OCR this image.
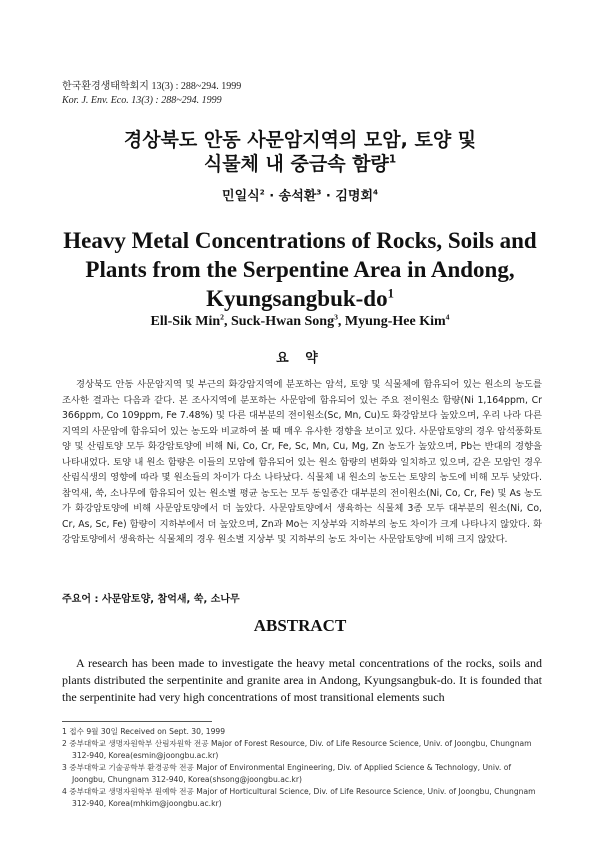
한국환경생태학회지 13(3) : 288~294. 1999
Kor. J. Env. Eco. 13(3) : 288~294. 1999
경상북도 안동 사문암지역의 모암, 토양 및
식물체 내 중금속 함량$^1$
민일식$^2$ · 송석환$^3$ · 김명회$^4$
Heavy Metal Concentrations of Rocks, Soils and
Plants from the Serpentine Area in Andong,
Kyungsangbuk-$do^1$
Ell-Sik Min$^2$, Suck-Hwan Song$^3$, Myung-Hee Kim$^4$
요 약

경상북도 안동 사문암지역 및 부근의 화강암지역에 분포하는 암석, 토양 및 식물체에 함유되어 있는 원소의 농도를 조사한 결과는 다음과 같다. 본 조사지역에 분포하는 사문암에 함유되어 있는 주요 전이원소 함량(Ni 1,164ppm, Cr 366ppm, Co 109ppm, Fe 7.48%) 및 다른 대부분의 전이원소(Sc, Mn, Cu)도 화강암보다 높았으며, 우리 나라 다른 지역의 사문암에 함유되어 있는 농도와 비교하여 볼 때 매우 유사한 경향을 보이고 있다. 사문암토양의 경우 암석풍화토양 및 산림토양 모두 화강암토양에 비해 Ni, Co, Cr, Fe, Sc, Mn, Cu, Mg, Zn 농도가 높았으며, Pb는 반대의 경향을 나타내었다. 토양 내 원소 함량은 이들의 모암에 함유되어 있는 원소 함량의 변화와 일치하고 있으며, 같은 모암인 경우 산림식생의 영향에 따라 몇 원소들의 차이가 다소 나타났다. 식물체 내 원소의 농도는 토양의 농도에 비해 모두 낮았다. 참억새, 쑥, 소나무에 함유되어 있는 원소별 평균 농도는 모두 동일종간 대부분의 전이원소(Ni, Co, Cr, Fe) 및 As 농도가 화강암토양에 비해 사문암토양에서 더 높았다. 사문암토양에서 생육하는 식물체 3종 모두 대부분의 원소(Ni, Co, Cr, As, Sc, Fe) 함량이 지하부에서 더 높았으며, Zn과 Mo는 지상부와 지하부의 농도 차이가 크게 나타나지 않았다. 화강암토양에서 생육하는 식물체의 경우 원소별 지상부 및 지하부의 농도 차이는 사문암토양에 비해 크지 않았다.

주요어 : 사문암토양, 참억새, 쑥, 소나무
ABSTRACT

A research has been made to investigate the heavy metal concentrations of the rocks, soils and plants distributed the serpentinite and granite area in Andong, Kyungsangbuk-do. It is founded that the serpentinite had very high concentrations of most transitional elements such

1 접수 9월 30일 Received on Sept. 30, 1999
2 중부대학교 생명자원학부 산림자원학 전공 Major of Forest Resource, Div. of Life Resource Science, Univ. of Joongbu, Chungnam 312-940, Korea(esmin@joongbu.ac.kr)
3 중부대학교 기술공학부 환경공학 전공 Major of Environmental Engineering, Div. of Applied Science & Technology, Univ. of Joongbu, Chungnam 312-940, Korea(shsong@joongbu.ac.kr)
4 중부대학교 생명자원학부 원예학 전공 Major of Horticultural Science, Div. of Life Resource Science, Univ. of Joongbu, Chungnam 312-940, Korea(mhkim@joongbu.ac.kr)
